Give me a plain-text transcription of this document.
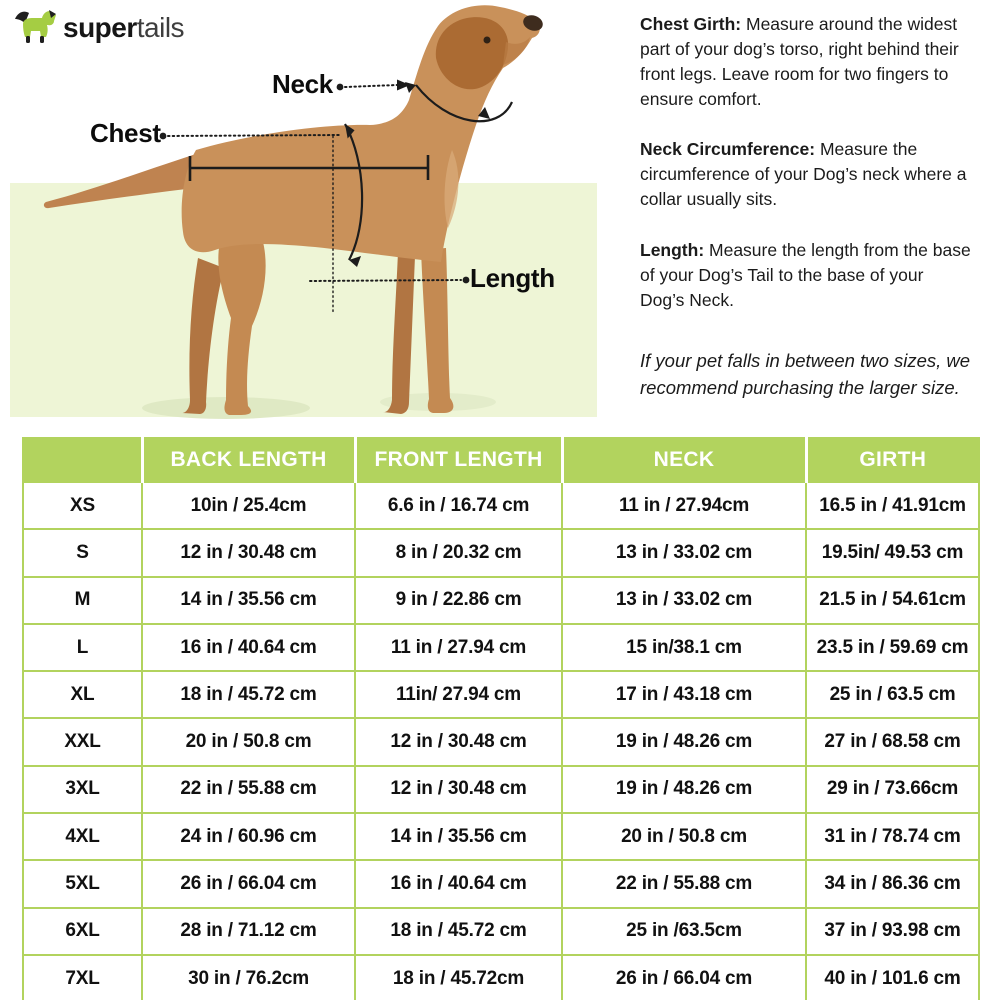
supertails
Neck
Chest
Length

Chest Girth: Measure around the widest part of your dog’s torso, right behind their front legs. Leave room for two fingers to ensure comfort.

Neck Circumference: Measure the circumference of your Dog’s neck where a collar usually sits.

Length: Measure the length from the base of your Dog’s Tail to the base of your Dog’s Neck.

If your pet falls in between two sizes, we recommend purchasing the larger size.

	BACK LENGTH	FRONT LENGTH	NECK	GIRTH
XS	10in / 25.4cm	6.6 in / 16.74 cm	11 in / 27.94cm	16.5 in / 41.91cm
S	12 in / 30.48 cm	8 in / 20.32 cm	13 in / 33.02 cm	19.5in/ 49.53 cm
M	14 in / 35.56 cm	9 in / 22.86 cm	13 in / 33.02 cm	21.5 in / 54.61cm
L	16 in / 40.64 cm	11 in / 27.94 cm	15 in/38.1 cm	23.5 in / 59.69 cm
XL	18 in / 45.72 cm	11in/ 27.94 cm	17 in / 43.18 cm	25 in / 63.5 cm
XXL	20 in / 50.8 cm	12 in / 30.48 cm	19 in / 48.26 cm	27 in / 68.58 cm
3XL	22 in / 55.88 cm	12 in / 30.48 cm	19 in / 48.26 cm	29 in / 73.66cm
4XL	24 in / 60.96 cm	14 in / 35.56 cm	20 in / 50.8 cm	31 in / 78.74 cm
5XL	26 in / 66.04 cm	16 in / 40.64 cm	22 in / 55.88 cm	34 in / 86.36 cm
6XL	28 in / 71.12 cm	18 in / 45.72 cm	25 in /63.5cm	37 in / 93.98 cm
7XL	30 in / 76.2cm	18 in / 45.72cm	26 in / 66.04 cm	40 in / 101.6 cm
